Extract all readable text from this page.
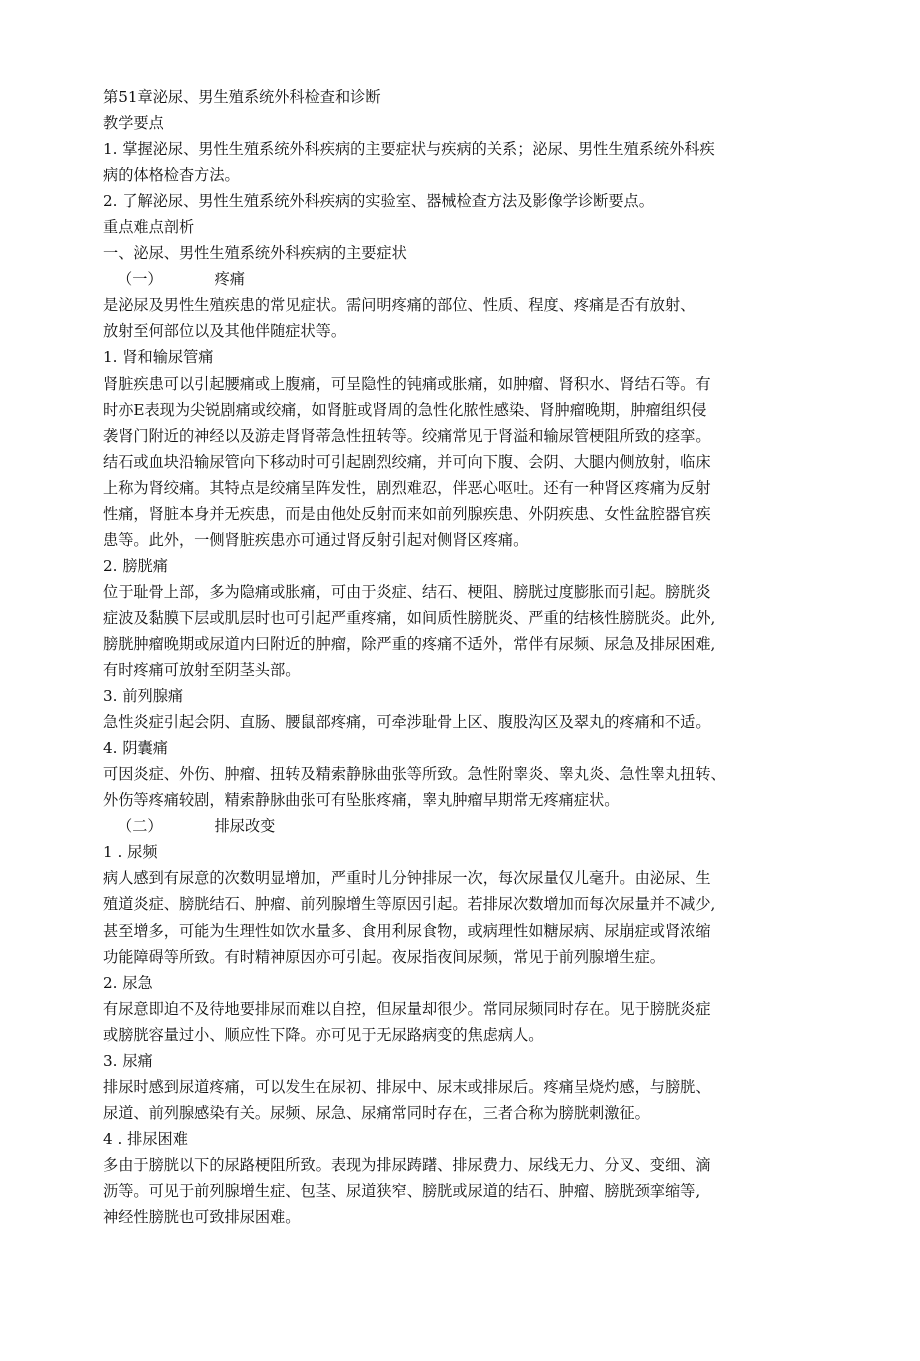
第51章泌尿、男生殖系统外科检查和诊断
教学要点
1. 掌握泌尿、男性生殖系统外科疾病的主要症状与疾病的关系；泌尿、男性生殖系统外科疾
病的体格检杳方法。
2. 了解泌尿、男性生殖系统外科疾病的实验室、器械检查方法及影像学诊断要点。
重点难点剖析
一、泌尿、男性生殖系统外科疾病的主要症状
（一）	疼痛
是泌尿及男性生殖疾患的常见症状。需问明疼痛的部位、性质、程度、疼痛是否有放射、
放射至何部位以及其他伴随症状等。
1. 肾和输尿管痛
肾脏疾患可以引起腰痛或上腹痛，可呈隐性的钝痛或胀痛，如肿瘤、肾积水、肾结石等。有
时亦E表现为尖锐剧痛或绞痛，如肾脏或肾周的急性化脓性感染、肾肿瘤晚期，肿瘤组织侵
袭肾门附近的神经以及游走肾肾蒂急性扭转等。绞痛常见于肾溢和输尿管梗阻所致的痉挛。
结石或血块沿输尿管向下移动时可引起剧烈绞痛，并可向下腹、会阴、大腿内侧放射，临床
上称为肾绞痛。其特点是绞痛呈阵发性，剧烈难忍，伴恶心呕吐。还有一种肾区疼痛为反射
性痛，肾脏本身并无疾患，而是由他处反射而来如前列腺疾患、外阴疾患、女性盆腔器官疾
患等。此外，一侧肾脏疾患亦可通过肾反射引起对侧肾区疼痛。
2. 膀胱痛
位于耻骨上部，多为隐痛或胀痛，可由于炎症、结石、梗阻、膀胱过度膨胀而引起。膀胱炎
症波及黏膜下层或肌层时也可引起严重疼痛，如间质性膀胱炎、严重的结核性膀胱炎。此外,
膀胱肿瘤晚期或尿道内曰附近的肿瘤，除严重的疼痛不适外，常伴有尿频、尿急及排尿困难,
有时疼痛可放射至阴茎头部。
3. 前列腺痛
急性炎症引起会阴、直肠、腰鼠部疼痛，可牵涉耻骨上区、腹股沟区及翠丸的疼痛和不适。
4. 阴囊痛
可因炎症、外伤、肿瘤、扭转及精索静脉曲张等所致。急性附睾炎、睾丸炎、急性睾丸扭转、
外伤等疼痛较剧，精索静脉曲张可有坠胀疼痛，睾丸肿瘤早期常无疼痛症状。
（二）	排尿改变
1 . 尿频
病人感到有尿意的次数明显增加，严重时儿分钟排尿一次，每次尿量仅儿毫升。由泌尿、生
殖道炎症、膀胱结石、肿瘤、前列腺增生等原因引起。若排尿次数增加而每次尿量并不减少,
甚至增多，可能为生理性如饮水量多、食用利尿食物，或病理性如糖尿病、尿崩症或肾浓缩
功能障碍等所致。有时精神原因亦可引起。夜尿指夜间尿频，常见于前列腺增生症。
2. 尿急
有尿意即迫不及待地要排尿而难以自控，但尿量却很少。常同尿频同时存在。见于膀胱炎症
或膀胱容量过小、顺应性下降。亦可见于无尿路病变的焦虑病人。
3. 尿痛
排尿时感到尿道疼痛，可以发生在尿初、排尿中、尿末或排尿后。疼痛呈烧灼感，与膀胱、
尿道、前列腺感染有关。尿频、尿急、尿痛常同时存在，三者合称为膀胱刺激征。
4 . 排尿困难
多由于膀胱以下的尿路梗阻所致。表现为排尿踌躇、排尿费力、尿线无力、分叉、变细、滴
沥等。可见于前列腺增生症、包茎、尿道狭窄、膀胱或尿道的结石、肿瘤、膀胱颈挛缩等,
神经性膀胱也可致排尿困难。
